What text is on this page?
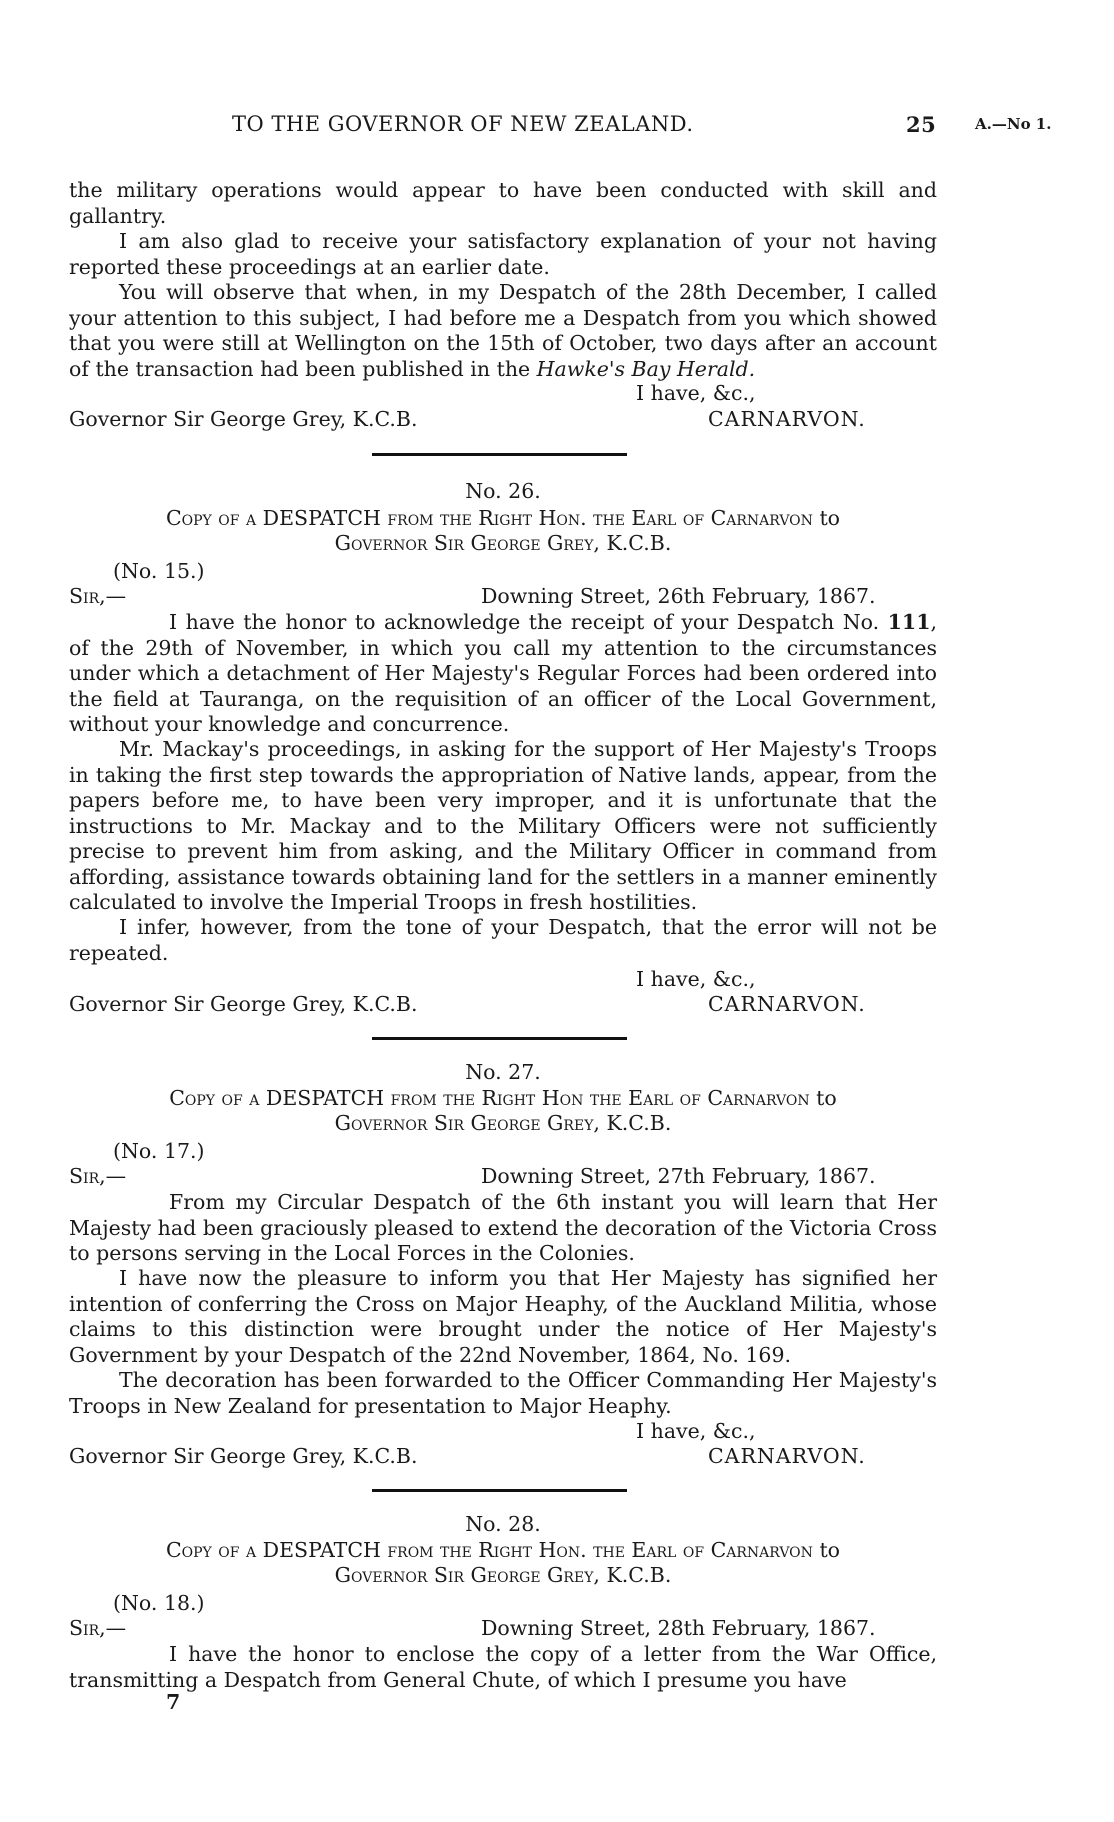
TO THE GOVERNOR OF NEW ZEALAND.	25	A.—No 1.
the military operations would appear to have been conducted with skill and gallantry.
I am also glad to receive your satisfactory explanation of your not having reported these proceedings at an earlier date.
You will observe that when, in my Despatch of the 28th December, I called your attention to this subject, I had before me a Despatch from you which showed that you were still at Wellington on the 15th of October, two days after an account of the transaction had been published in the Hawke's Bay Herald.
I have, &c.,
Governor Sir George Grey, K.C.B.	CARNARVON.
No. 26.
Copy of a DESPATCH from the Right Hon. the Earl of Carnarvon to
Governor Sir George Grey, K.C.B.
(No. 15.)
Sir,—	Downing Street, 26th February, 1867.
I have the honor to acknowledge the receipt of your Despatch No. 111, of the 29th of November, in which you call my attention to the circumstances under which a detachment of Her Majesty's Regular Forces had been ordered into the field at Tauranga, on the requisition of an officer of the Local Government, without your knowledge and concurrence.
Mr. Mackay's proceedings, in asking for the support of Her Majesty's Troops in taking the first step towards the appropriation of Native lands, appear, from the papers before me, to have been very improper, and it is unfortunate that the instructions to Mr. Mackay and to the Military Officers were not sufficiently precise to prevent him from asking, and the Military Officer in command from affording, assistance towards obtaining land for the settlers in a manner eminently calculated to involve the Imperial Troops in fresh hostilities.
I infer, however, from the tone of your Despatch, that the error will not be repeated.
I have, &c.,
Governor Sir George Grey, K.C.B.	CARNARVON.
No. 27.
Copy of a DESPATCH from the Right Hon the Earl of Carnarvon to
Governor Sir George Grey, K.C.B.
(No. 17.)
Sir,—	Downing Street, 27th February, 1867.
From my Circular Despatch of the 6th instant you will learn that Her Majesty had been graciously pleased to extend the decoration of the Victoria Cross to persons serving in the Local Forces in the Colonies.
I have now the pleasure to inform you that Her Majesty has signified her intention of conferring the Cross on Major Heaphy, of the Auckland Militia, whose claims to this distinction were brought under the notice of Her Majesty's Government by your Despatch of the 22nd November, 1864, No. 169.
The decoration has been forwarded to the Officer Commanding Her Majesty's Troops in New Zealand for presentation to Major Heaphy.
I have, &c.,
Governor Sir George Grey, K.C.B.	CARNARVON.
No. 28.
Copy of a DESPATCH from the Right Hon. the Earl of Carnarvon to
Governor Sir George Grey, K.C.B.
(No. 18.)
Sir,—	Downing Street, 28th February, 1867.
I have the honor to enclose the copy of a letter from the War Office, transmitting a Despatch from General Chute, of which I presume you have
7
